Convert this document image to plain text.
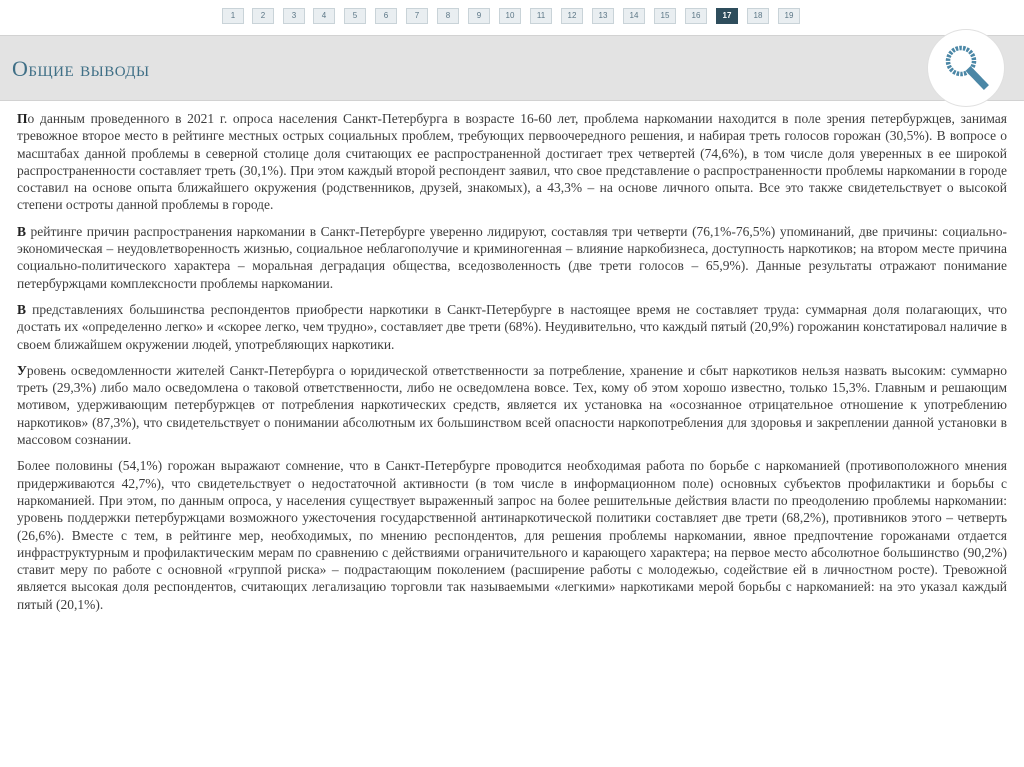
1	2	3	4	5	6	7	8	9	10	11	12	13	14	15	16	17	18	19
Общие выводы

По данным проведенного в 2021 г. опроса населения Санкт-Петербурга в возрасте 16-60 лет, проблема наркомании находится в поле зрения петербуржцев, занимая тревожное второе место в рейтинге местных острых социальных проблем, требующих первоочередного решения, и набирая треть голосов горожан (30,5%). В вопросе о масштабах данной проблемы в северной столице доля считающих ее распространенной достигает трех четвертей (74,6%), в том числе доля уверенных в ее широкой распространенности составляет треть (30,1%). При этом каждый второй респондент заявил, что свое представление о распространенности проблемы наркомании в городе составил на основе опыта ближайшего окружения (родственников, друзей, знакомых), а 43,3% – на основе личного опыта. Все это также свидетельствует о высокой степени остроты данной проблемы в городе.

В рейтинге причин распространения наркомании в Санкт-Петербурге уверенно лидируют, составляя три четверти (76,1%-76,5%) упоминаний, две причины: социально-экономическая – неудовлетворенность жизнью, социальное неблагополучие и криминогенная – влияние наркобизнеса, доступность наркотиков; на втором месте причина социально-политического характера – моральная деградация общества, вседозволенность (две трети голосов – 65,9%). Данные результаты отражают понимание петербуржцами комплексности проблемы наркомании.

В представлениях большинства респондентов приобрести наркотики в Санкт-Петербурге в настоящее время не составляет труда: суммарная доля полагающих, что достать их «определенно легко» и «скорее легко, чем трудно», составляет две трети (68%). Неудивительно, что каждый пятый (20,9%) горожанин констатировал наличие в своем ближайшем окружении людей, употребляющих наркотики.

Уровень осведомленности жителей Санкт-Петербурга о юридической ответственности за потребление, хранение и сбыт наркотиков нельзя назвать высоким: суммарно треть (29,3%) либо мало осведомлена о таковой ответственности, либо не осведомлена вовсе. Тех, кому об этом хорошо известно, только 15,3%. Главным и решающим мотивом, удерживающим петербуржцев от потребления наркотических средств, является их установка на «осознанное отрицательное отношение к употреблению наркотиков» (87,3%), что свидетельствует о понимании абсолютным их большинством всей опасности наркопотребления для здоровья и закреплении данной установки в массовом сознании.

Более половины (54,1%) горожан выражают сомнение, что в Санкт-Петербурге проводится необходимая работа по борьбе с наркоманией (противоположного мнения придерживаются 42,7%), что свидетельствует о недостаточной активности (в том числе в информационном поле) основных субъектов профилактики и борьбы с наркоманией. При этом, по данным опроса, у населения существует выраженный запрос на более решительные действия власти по преодолению проблемы наркомании: уровень поддержки петербуржцами возможного ужесточения государственной антинаркотической политики составляет две трети (68,2%), противников этого – четверть (26,6%). Вместе с тем, в рейтинге мер, необходимых, по мнению респондентов, для решения проблемы наркомании, явное предпочтение горожанами отдается инфраструктурным и профилактическим мерам по сравнению с действиями ограничительного и карающего характера; на первое место абсолютное большинство (90,2%) ставит меру по работе с основной «группой риска» – подрастающим поколением (расширение работы с молодежью, содействие ей в личностном росте). Тревожной является высокая доля респондентов, считающих легализацию торговли так называемыми «легкими» наркотиками мерой борьбы с наркоманией: на это указал каждый пятый (20,1%).
